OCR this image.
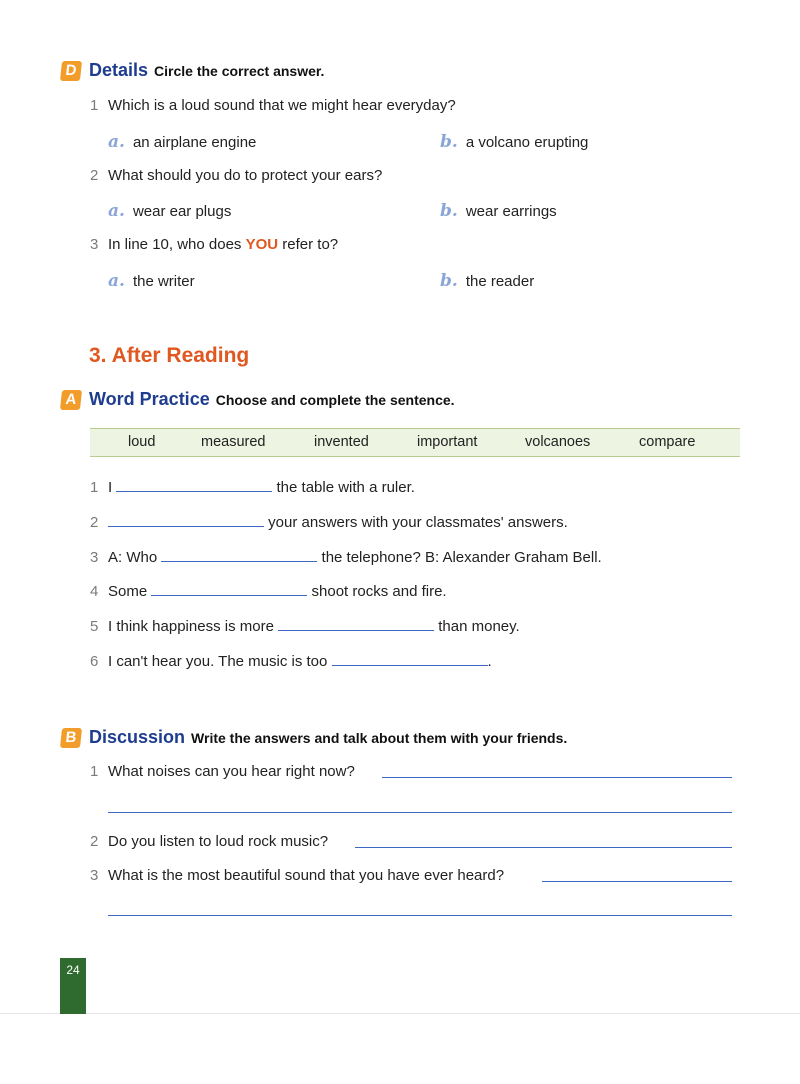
D Details Circle the correct answer.
1 Which is a loud sound that we might hear everyday?
a. an airplane engine	b. a volcano erupting
2 What should you do to protect your ears?
a. wear ear plugs	b. wear earrings
3 In line 10, who does YOU refer to?
a. the writer	b. the reader
3. After Reading
A Word Practice Choose and complete the sentence.
loud	measured	invented	important	volcanoes	compare
1 I	the table with a ruler.
2	your answers with your classmates' answers.
3 A: Who	the telephone? B: Alexander Graham Bell.
4 Some	shoot rocks and fire.
5 I think happiness is more	than money.
6 I can't hear you. The music is too	.
B Discussion Write the answers and talk about them with your friends.
1 What noises can you hear right now?
2 Do you listen to loud rock music?
3 What is the most beautiful sound that you have ever heard?
24
